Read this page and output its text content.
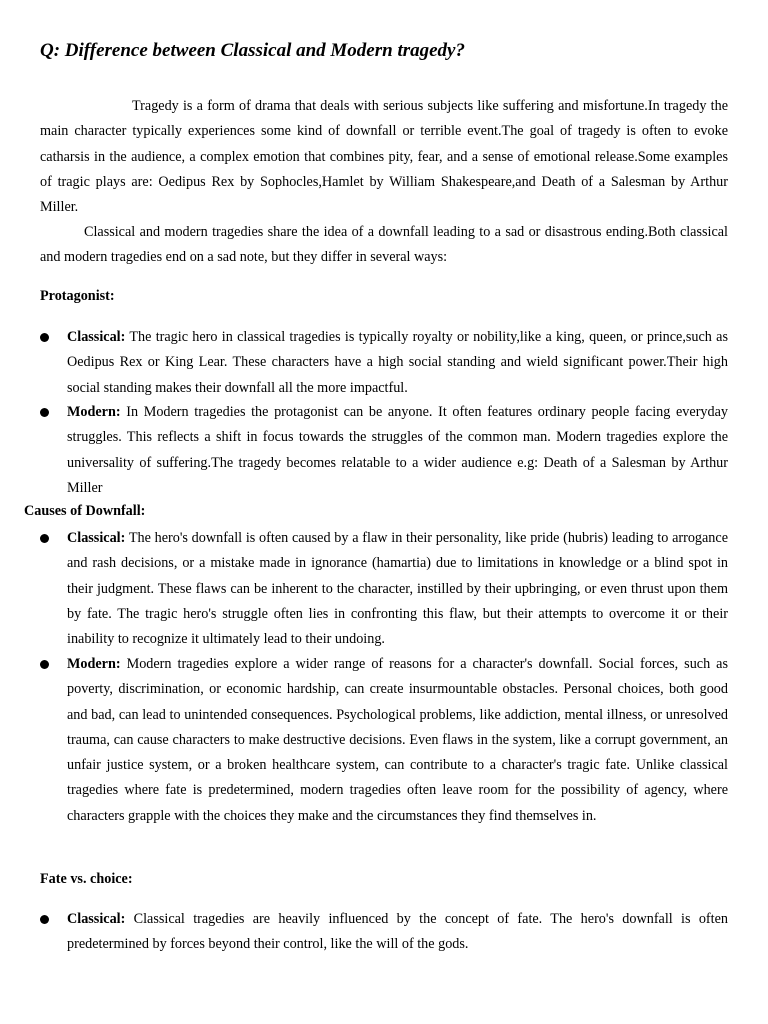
Q: Difference between Classical and Modern tragedy?
Tragedy is a form of drama that deals with serious subjects like suffering and misfortune.In tragedy the main character typically experiences some kind of downfall or terrible event.The goal of tragedy is often to evoke catharsis in the audience, a complex emotion that combines pity, fear, and a sense of emotional release.Some examples of tragic plays are: Oedipus Rex by Sophocles,Hamlet by William Shakespeare,and Death of a Salesman by Arthur Miller.
Classical and modern tragedies share the idea of a downfall leading to a sad or disastrous ending.Both classical and modern tragedies end on a sad note, but they differ in several ways:
Protagonist:
Classical: The tragic hero in classical tragedies is typically royalty or nobility,like a king, queen, or prince,such as Oedipus Rex or King Lear. These characters have a high social standing and wield significant power.Their high social standing makes their downfall all the more impactful.
Modern: In Modern tragedies the protagonist can be anyone. It often features ordinary people facing everyday struggles. This reflects a shift in focus towards the struggles of the common man. Modern tragedies explore the universality of suffering.The tragedy becomes relatable to a wider audience e.g: Death of a Salesman by Arthur Miller
Causes of Downfall:
Classical: The hero's downfall is often caused by a flaw in their personality, like pride (hubris) leading to arrogance and rash decisions, or a mistake made in ignorance (hamartia) due to limitations in knowledge or a blind spot in their judgment. These flaws can be inherent to the character, instilled by their upbringing, or even thrust upon them by fate. The tragic hero's struggle often lies in confronting this flaw, but their attempts to overcome it or their inability to recognize it ultimately lead to their undoing.
Modern: Modern tragedies explore a wider range of reasons for a character's downfall. Social forces, such as poverty, discrimination, or economic hardship, can create insurmountable obstacles. Personal choices, both good and bad, can lead to unintended consequences. Psychological problems, like addiction, mental illness, or unresolved trauma, can cause characters to make destructive decisions. Even flaws in the system, like a corrupt government, an unfair justice system, or a broken healthcare system, can contribute to a character's tragic fate. Unlike classical tragedies where fate is predetermined, modern tragedies often leave room for the possibility of agency, where characters grapple with the choices they make and the circumstances they find themselves in.
Fate vs. choice:
Classical: Classical tragedies are heavily influenced by the concept of fate. The hero's downfall is often predetermined by forces beyond their control, like the will of the gods.
